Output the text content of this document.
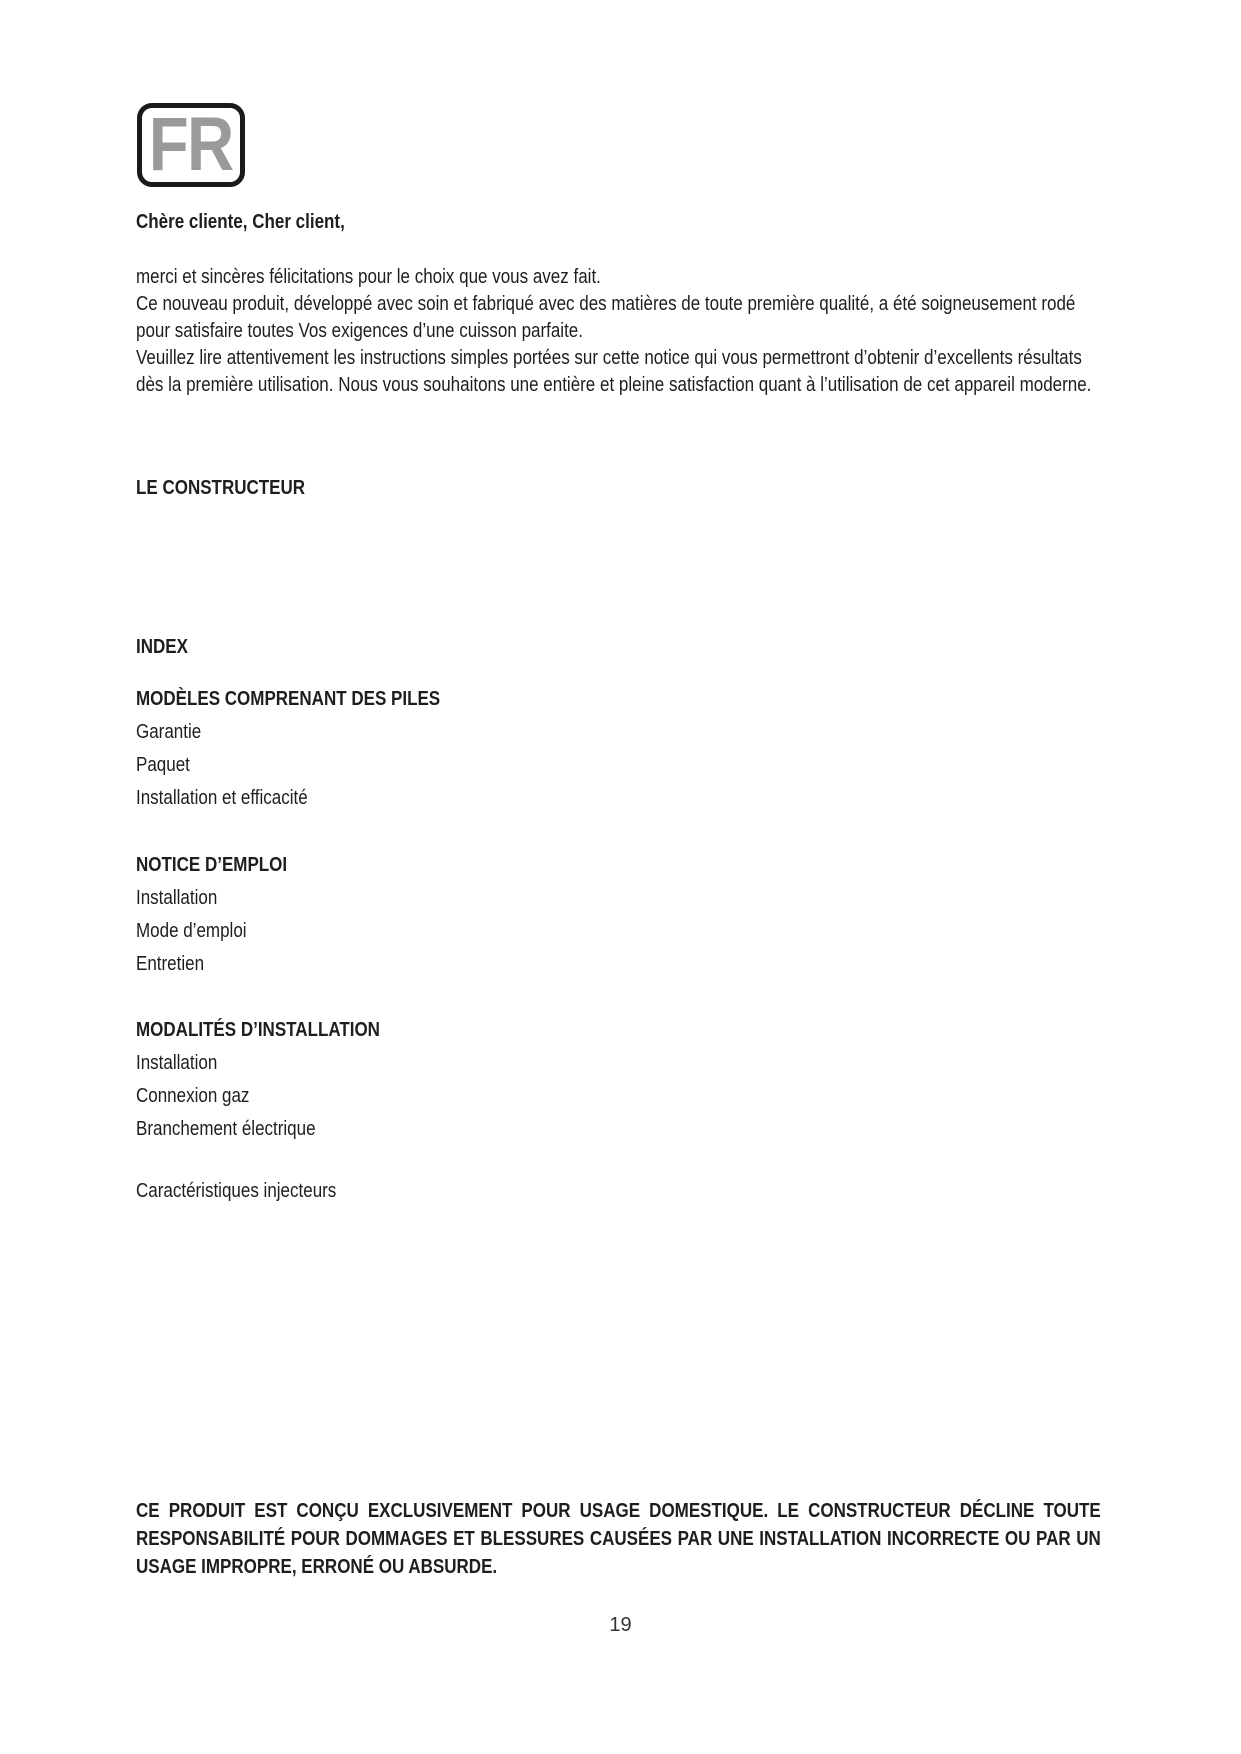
FR
Chère cliente, Cher client,

merci et sincères félicitations pour le choix que vous avez fait.

Ce nouveau produit, développé avec soin et fabriqué avec des matières de toute première qualité, a été soigneusement rodé pour satisfaire toutes Vos exigences d’une cuisson parfaite.

Veuillez lire attentivement les instructions simples portées sur cette notice qui vous permettront d’obtenir d’excellents résultats dès la première utilisation. Nous vous souhaitons une entière et pleine satisfaction quant à l’utilisation de cet appareil moderne.

LE CONSTRUCTEUR
INDEX
MODÈLES COMPRENANT DES PILES
Garantie
Paquet
Installation et efficacité
NOTICE D’EMPLOI
Installation
Mode d’emploi
Entretien
MODALITÉS D’INSTALLATION
Installation
Connexion gaz
Branchement électrique
Caractéristiques injecteurs
CE PRODUIT EST CONÇU EXCLUSIVEMENT POUR USAGE DOMESTIQUE. LE CONSTRUCTEUR DÉCLINE TOUTE RESPONSABILITÉ POUR DOMMAGES ET BLESSURES CAUSÉES PAR UNE INSTALLATION INCORRECTE OU PAR UN USAGE IMPROPRE, ERRONÉ OU ABSURDE.
19
